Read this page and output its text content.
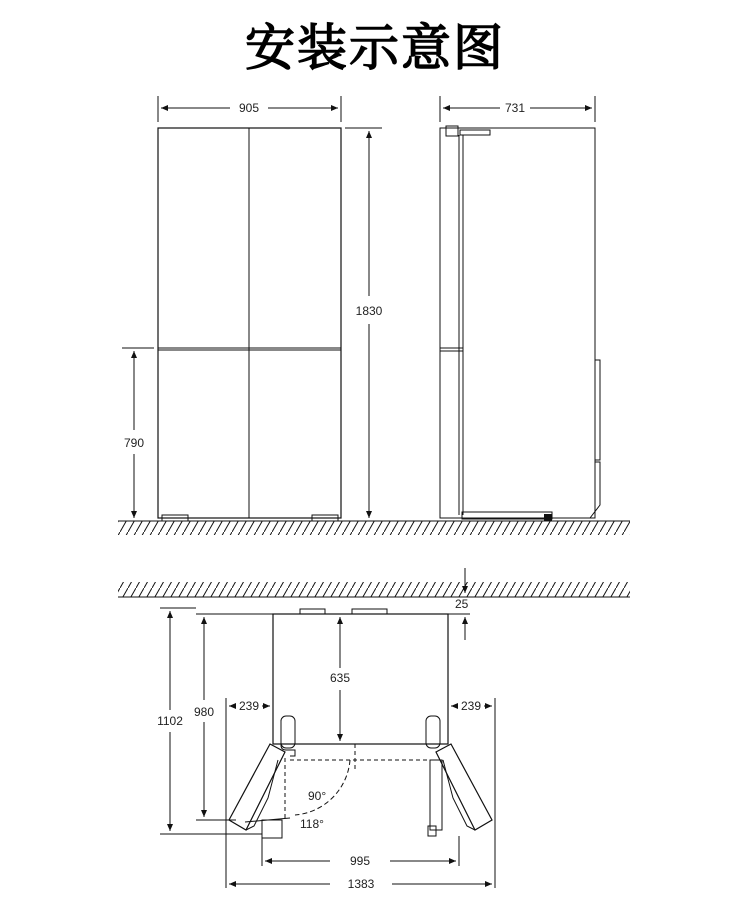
安装示意图
905
1830
790
731
25
635
90°
118°
239	239
980
1102
995
1383
